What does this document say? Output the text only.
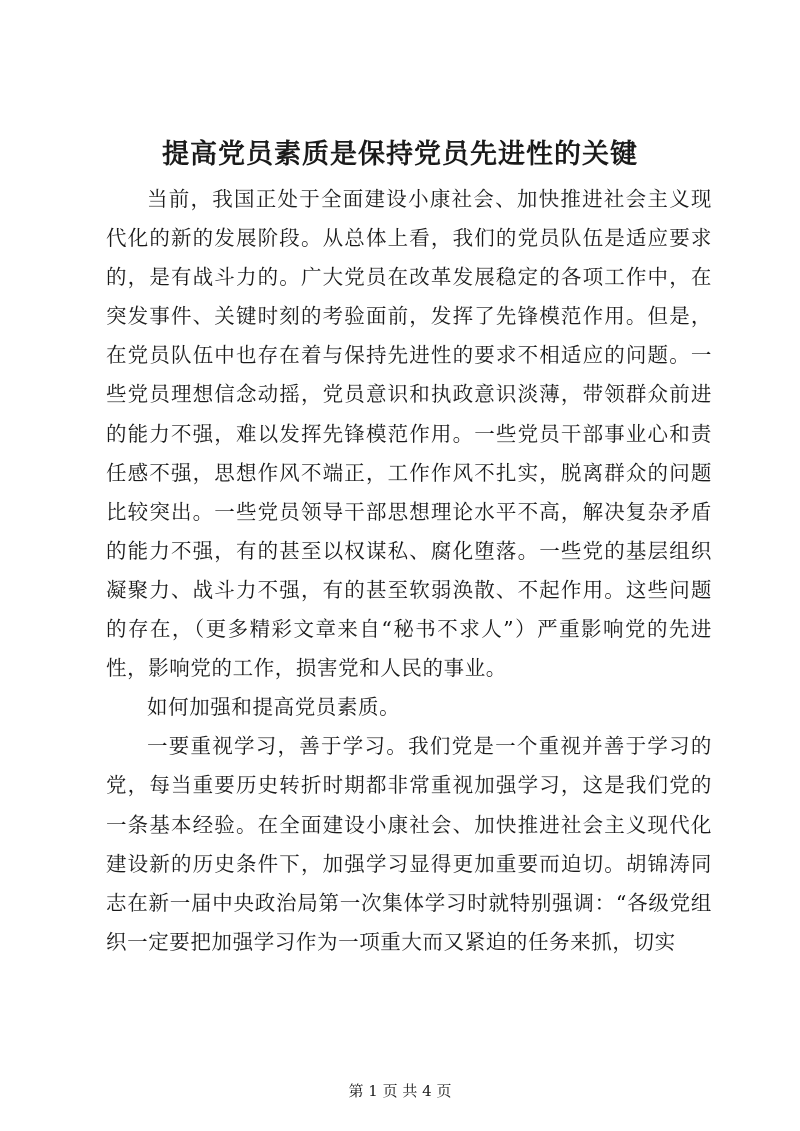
提高党员素质是保持党员先进性的关键

当前，我国正处于全面建设小康社会、加快推进社会主义现代化的新的发展阶段。从总体上看，我们的党员队伍是适应要求的，是有战斗力的。广大党员在改革发展稳定的各项工作中，在突发事件、关键时刻的考验面前，发挥了先锋模范作用。但是，在党员队伍中也存在着与保持先进性的要求不相适应的问题。一些党员理想信念动摇，党员意识和执政意识淡薄，带领群众前进的能力不强，难以发挥先锋模范作用。一些党员干部事业心和责任感不强，思想作风不端正，工作作风不扎实，脱离群众的问题比较突出。一些党员领导干部思想理论水平不高，解决复杂矛盾的能力不强，有的甚至以权谋私、腐化堕落。一些党的基层组织凝聚力、战斗力不强，有的甚至软弱涣散、不起作用。这些问题的存在，（更多精彩文章来自“秘书不求人”）严重影响党的先进性，影响党的工作，损害党和人民的事业。

如何加强和提高党员素质。

一要重视学习，善于学习。我们党是一个重视并善于学习的党，每当重要历史转折时期都非常重视加强学习，这是我们党的一条基本经验。在全面建设小康社会、加快推进社会主义现代化建设新的历史条件下，加强学习显得更加重要而迫切。胡锦涛同志在新一届中央政治局第一次集体学习时就特别强调：“各级党组织一定要把加强学习作为一项重大而又紧迫的任务来抓，切实

第 1 页 共 4 页
